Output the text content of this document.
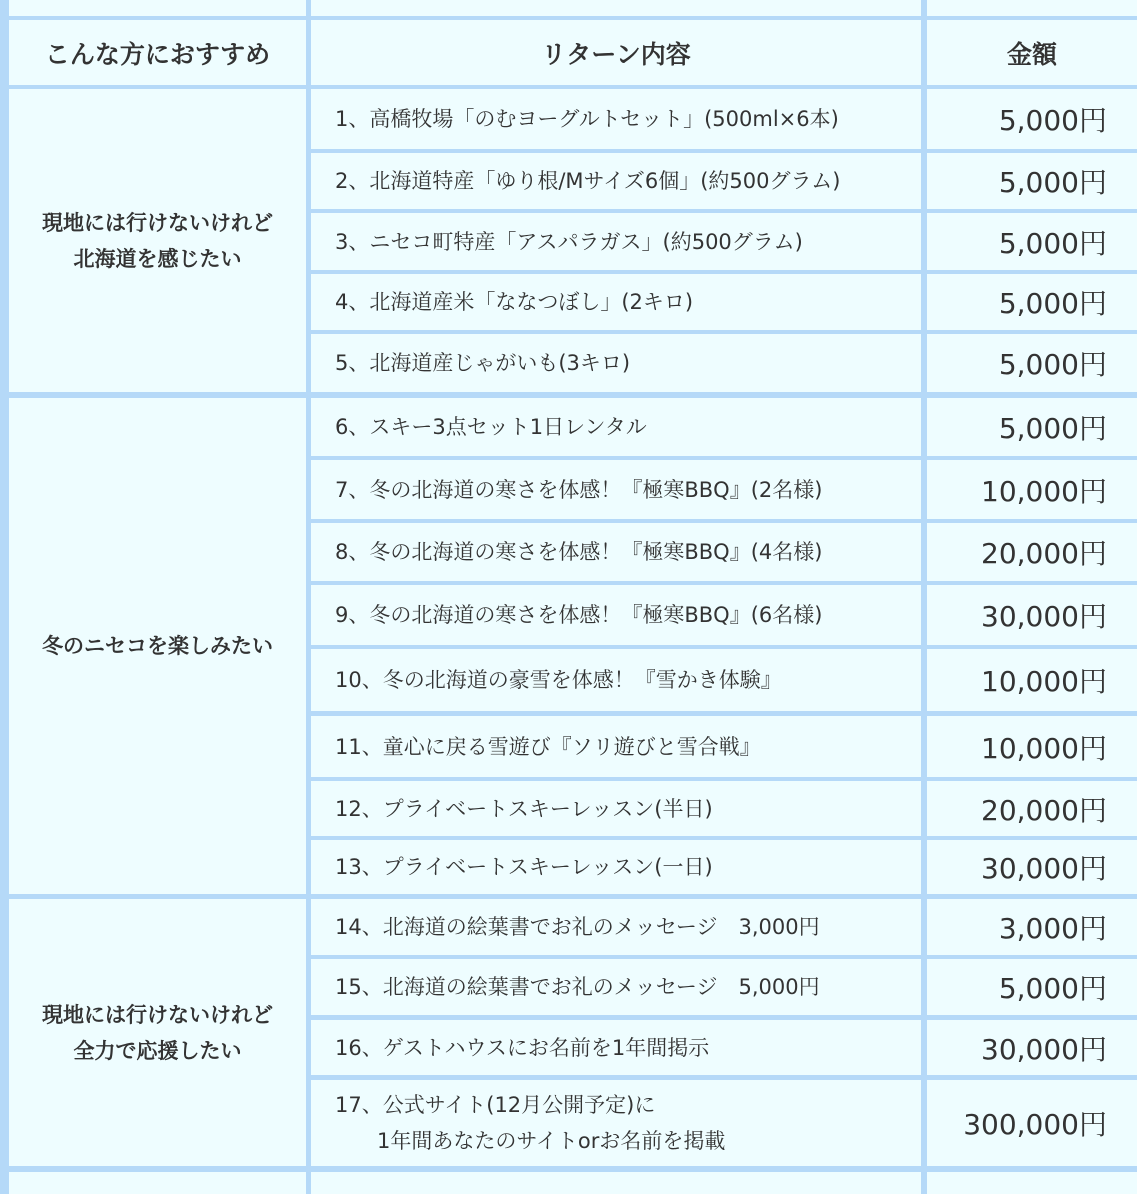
こんな方におすすめ	リターン内容	金額
現地には行けないけれど
北海道を感じたい
1、高橋牧場「のむヨーグルトセット」(500ml×6本)	5,000円
2、北海道特産「ゆり根/Mサイズ6個」(約500グラム)	5,000円
3、ニセコ町特産「アスパラガス」(約500グラム)	5,000円
4、北海道産米「ななつぼし」(2キロ)	5,000円
5、北海道産じゃがいも(3キロ)	5,000円
冬のニセコを楽しみたい
6、スキー3点セット1日レンタル	5,000円
7、冬の北海道の寒さを体感！『極寒BBQ』(2名様)	10,000円
8、冬の北海道の寒さを体感！『極寒BBQ』(4名様)	20,000円
9、冬の北海道の寒さを体感！『極寒BBQ』(6名様)	30,000円
10、冬の北海道の豪雪を体感！『雪かき体験』	10,000円
11、童心に戻る雪遊び『ソリ遊びと雪合戦』	10,000円
12、プライベートスキーレッスン(半日)	20,000円
13、プライベートスキーレッスン(一日)	30,000円
現地には行けないけれど
全力で応援したい
14、北海道の絵葉書でお礼のメッセージ　3,000円	3,000円
15、北海道の絵葉書でお礼のメッセージ　5,000円	5,000円
16、ゲストハウスにお名前を1年間掲示	30,000円
17、公式サイト(12月公開予定)に
　　1年間あなたのサイトorお名前を掲載	300,000円
